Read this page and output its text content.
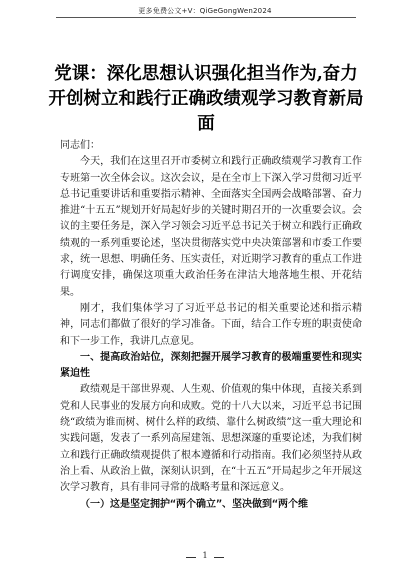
更多免费公文+V：QiGeGongWen2024
党课：深化思想认识强化担当作为,奋力开创树立和践行正确政绩观学习教育新局面

同志们：

今天，我们在这里召开市委树立和践行正确政绩观学习教育工作专班第一次全体会议。这次会议，是在全市上下深入学习贯彻习近平总书记重要讲话和重要指示精神、全面落实全国两会战略部署、奋力推进“十五五”规划开好局起好步的关键时期召开的一次重要会议。会议的主要任务是，深入学习领会习近平总书记关于树立和践行正确政绩观的一系列重要论述，坚决贯彻落实党中央决策部署和市委工作要求，统一思想、明确任务、压实责任，对近期学习教育的重点工作进行调度安排，确保这项重大政治任务在津沽大地落地生根、开花结果。

刚才，我们集体学习了习近平总书记的相关重要论述和指示精神，同志们都做了很好的学习准备。下面，结合工作专班的职责使命和下一步工作，我讲几点意见。

一、提高政治站位，深刻把握开展学习教育的极端重要性和现实紧迫性

政绩观是干部世界观、人生观、价值观的集中体现，直接关系到党和人民事业的发展方向和成败。党的十八大以来，习近平总书记围绕“政绩为谁而树、树什么样的政绩、靠什么树政绩”这一重大理论和实践问题，发表了一系列高屋建瓴、思想深邃的重要论述，为我们树立和践行正确政绩观提供了根本遵循和行动指南。我们必须坚持从政治上看、从政治上做，深刻认识到，在“十五五”开局起步之年开展这次学习教育，具有非同寻常的战略考量和深远意义。

（一）这是坚定拥护“两个确立”、坚决做到“两个维

1
